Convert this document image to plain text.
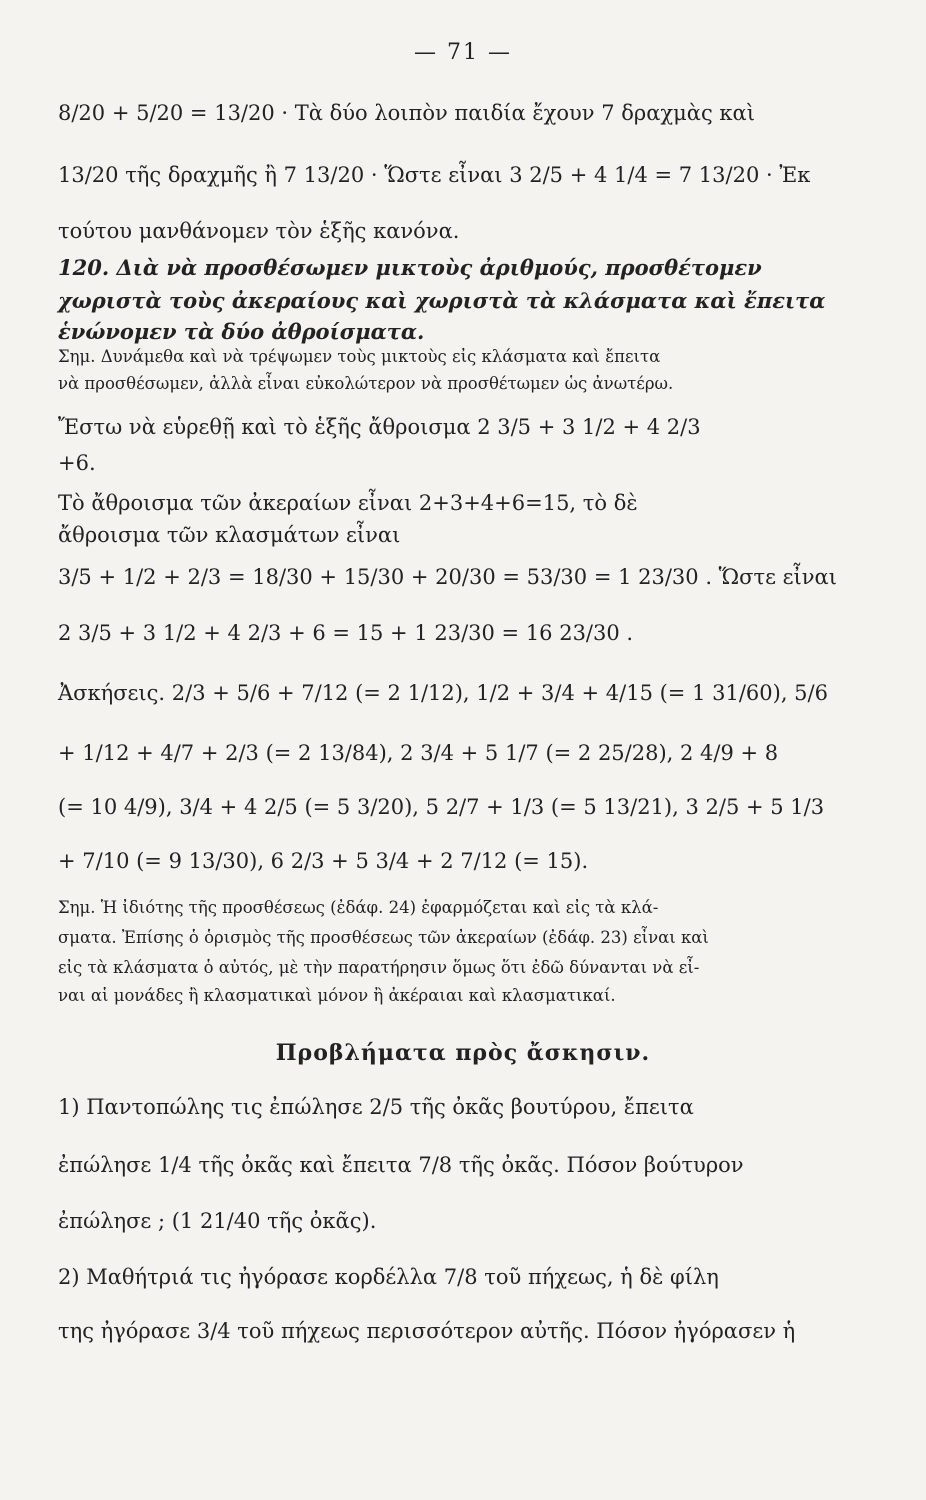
— 71 —
8/20 + 5/20 = 13/20 · Τὰ δύο λοιπὸν παιδία ἔχουν 7 δραχμὰς καὶ
13/20 τῆς δραχμῆς ἢ 7 13/20 · Ὥστε εἶναι 3 2/5 + 4 1/4 = 7 13/20 · Ἐκ
τούτου μανθάνομεν τὸν ἑξῆς κανόνα.
120. Διὰ νὰ προσθέσωμεν μικτοὺς ἀριθμούς, προσθέτομεν
χωριστὰ τοὺς ἀκεραίους καὶ χωριστὰ τὰ κλάσματα καὶ ἔπειτα
ἑνώνομεν τὰ δύο ἀθροίσματα.
Σημ. Δυνάμεθα καὶ νὰ τρέψωμεν τοὺς μικτοὺς εἰς κλάσματα καὶ ἔπειτα
νὰ προσθέσωμεν, ἀλλὰ εἶναι εὐκολώτερον νὰ προσθέτωμεν ὡς ἀνωτέρω.
Ἔστω νὰ εὑρεθῇ καὶ τὸ ἑξῆς ἄθροισμα 2 3/5 + 3 1/2 + 4 2/3
+6.
Τὸ ἄθροισμα τῶν ἀκεραίων εἶναι 2+3+4+6=15, τὸ δὲ
ἄθροισμα τῶν κλασμάτων εἶναι
3/5 + 1/2 + 2/3 = 18/30 + 15/30 + 20/30 = 53/30 = 1 23/30 . Ὥστε εἶναι
2 3/5 + 3 1/2 + 4 2/3 + 6 = 15 + 1 23/30 = 16 23/30 .
Ἀσκήσεις. 2/3 + 5/6 + 7/12 (= 2 1/12), 1/2 + 3/4 + 4/15 (= 1 31/60), 5/6
+ 1/12 + 4/7 + 2/3 (= 2 13/84), 2 3/4 + 5 1/7 (= 2 25/28), 2 4/9 + 8
(= 10 4/9), 3/4 + 4 2/5 (= 5 3/20), 5 2/7 + 1/3 (= 5 13/21), 3 2/5 + 5 1/3
+ 7/10 (= 9 13/30), 6 2/3 + 5 3/4 + 2 7/12 (= 15).
Σημ. Ἡ ἰδιότης τῆς προσθέσεως (ἐδάφ. 24) ἐφαρμόζεται καὶ εἰς τὰ κλά-
σματα. Ἐπίσης ὁ ὁρισμὸς τῆς προσθέσεως τῶν ἀκεραίων (ἐδάφ. 23) εἶναι καὶ
εἰς τὰ κλάσματα ὁ αὐτός, μὲ τὴν παρατήρησιν ὅμως ὅτι ἐδῶ δύνανται νὰ εἶ-
ναι αἱ μονάδες ἢ κλασματικαὶ μόνον ἢ ἀκέραιαι καὶ κλασματικαί.
Προβλήματα πρὸς ἄσκησιν.
1) Παντοπώλης τις ἐπώλησε 2/5 τῆς ὀκᾶς βουτύρου, ἔπειτα
ἐπώλησε 1/4 τῆς ὀκᾶς καὶ ἔπειτα 7/8 τῆς ὀκᾶς. Πόσον βούτυρον
ἐπώλησε ; (1 21/40 τῆς ὀκᾶς).
2) Μαθήτριά τις ἠγόρασε κορδέλλα 7/8 τοῦ πήχεως, ἡ δὲ φίλη
της ἠγόρασε 3/4 τοῦ πήχεως περισσότερον αὐτῆς. Πόσον ἠγόρασεν ἡ
